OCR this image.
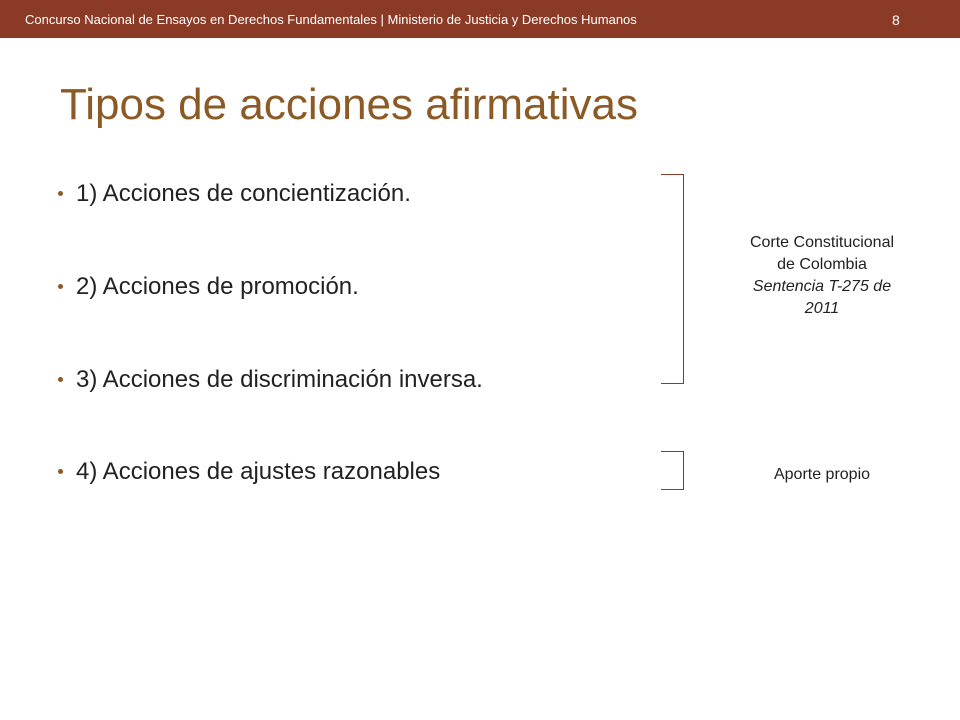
Concurso Nacional de Ensayos en Derechos Fundamentales | Ministerio de Justicia y Derechos Humanos	8
Tipos de acciones afirmativas
1) Acciones de concientización.
2) Acciones de promoción.
3) Acciones de discriminación inversa.
4) Acciones de ajustes razonables
Corte Constitucional
de Colombia
Sentencia T-275 de
2011
Aporte propio
